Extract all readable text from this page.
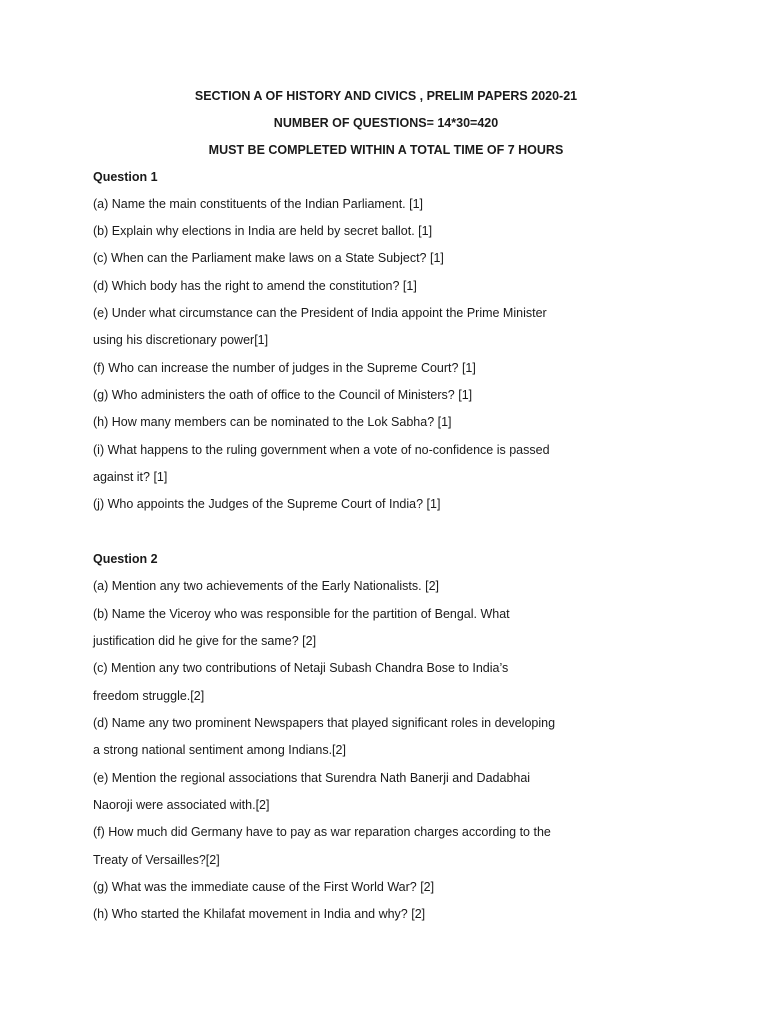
SECTION A OF HISTORY AND CIVICS , PRELIM PAPERS 2020-21
NUMBER OF QUESTIONS= 14*30=420
MUST BE COMPLETED WITHIN A TOTAL TIME OF 7 HOURS
Question 1
(a) Name the main constituents of the Indian Parliament. [1]
(b) Explain why elections in India are held by secret ballot. [1]
(c) When can the Parliament make laws on a State Subject? [1]
(d) Which body has the right to amend the constitution? [1]
(e) Under what circumstance can the President of India appoint the Prime Minister
using his discretionary power[1]
(f) Who can increase the number of judges in the Supreme Court? [1]
(g) Who administers the oath of office to the Council of Ministers? [1]
(h) How many members can be nominated to the Lok Sabha? [1]
(i) What happens to the ruling government when a vote of no-confidence is passed
against it? [1]
(j) Who appoints the Judges of the Supreme Court of India? [1]
Question 2
(a) Mention any two achievements of the Early Nationalists. [2]
(b) Name the Viceroy who was responsible for the partition of Bengal. What
justification did he give for the same? [2]
(c) Mention any two contributions of Netaji Subash Chandra Bose to India’s
freedom struggle.[2]
(d) Name any two prominent Newspapers that played significant roles in developing
a strong national sentiment among Indians.[2]
(e) Mention the regional associations that Surendra Nath Banerji and Dadabhai
Naoroji were associated with.[2]
(f) How much did Germany have to pay as war reparation charges according to the
Treaty of Versailles?[2]
(g) What was the immediate cause of the First World War? [2]
(h) Who started the Khilafat movement in India and why? [2]
